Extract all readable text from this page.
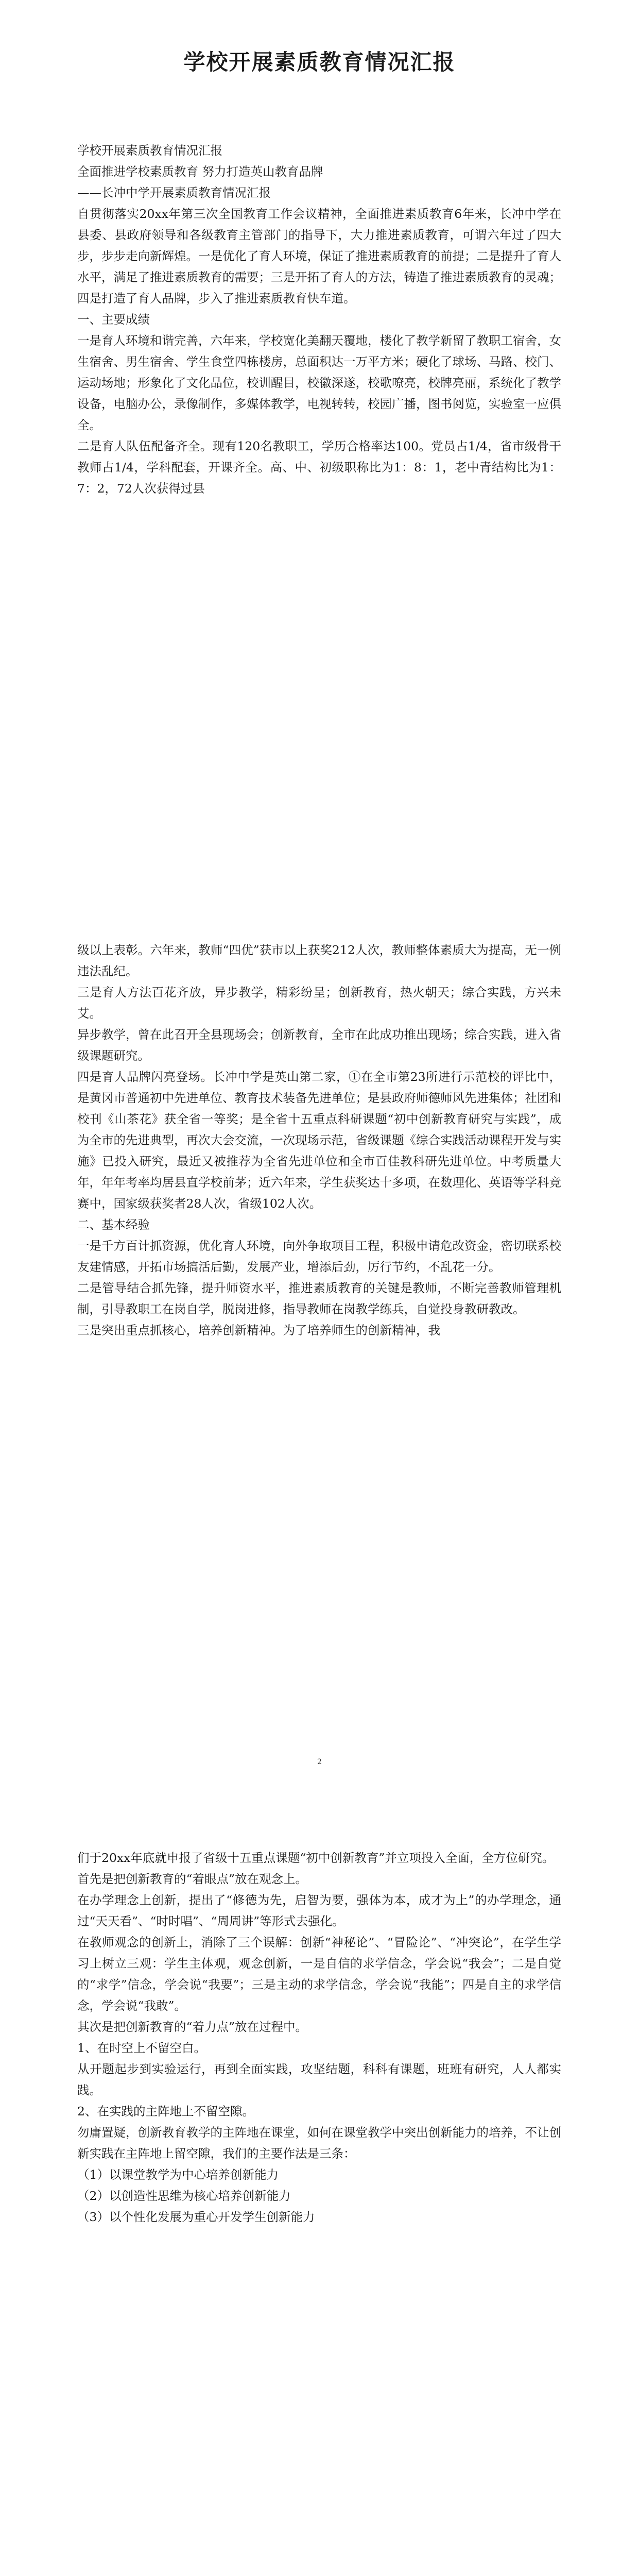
学校开展素质教育情况汇报

学校开展素质教育情况汇报

全面推进学校素质教育 努力打造英山教育品牌

——长冲中学开展素质教育情况汇报

自贯彻落实20xx年第三次全国教育工作会议精神，全面推进素质教育6年来，长冲中学在县委、县政府领导和各级教育主管部门的指导下，大力推进素质教育，可谓六年过了四大步，步步走向新辉煌。一是优化了育人环境，保证了推进素质教育的前提；二是提升了育人水平，满足了推进素质教育的需要；三是开拓了育人的方法，铸造了推进素质教育的灵魂；四是打造了育人品牌，步入了推进素质教育快车道。

一、主要成绩

一是育人环境和谐完善，六年来，学校宽化美翻天覆地，楼化了教学新留了教职工宿舍，女生宿舍、男生宿舍、学生食堂四栋楼房，总面积达一万平方米；硬化了球场、马路、校门、运动场地；形象化了文化品位，校训醒目，校徽深遂，校歌嘹亮，校牌亮丽，系统化了教学设备，电脑办公，录像制作，多媒体教学，电视转转，校园广播，图书阅览，实验室一应俱全。

二是育人队伍配备齐全。现有120名教职工，学历合格率达100。党员占1/4，省市级骨干教师占1/4，学科配套，开课齐全。高、中、初级职称比为1：8：1，老中青结构比为1：7：2，72人次获得过县

级以上表彰。六年来，教师“四优”获市以上获奖212人次，教师整体素质大为提高，无一例违法乱纪。

三是育人方法百花齐放，异步教学，精彩纷呈；创新教育，热火朝天；综合实践，方兴未艾。

异步教学，曾在此召开全县现场会；创新教育，全市在此成功推出现场；综合实践，进入省级课题研究。

四是育人品牌闪亮登场。长冲中学是英山第二家，①在全市第23所进行示范校的评比中，是黄冈市普通初中先进单位、教育技术装备先进单位；是县政府师德师风先进集体；社团和校刊《山茶花》获全省一等奖；是全省十五重点科研课题“初中创新教育研究与实践”，成为全市的先进典型，再次大会交流，一次现场示范，省级课题《综合实践活动课程开发与实施》已投入研究，最近又被推荐为全省先进单位和全市百佳教科研先进单位。中考质量大年，年年考率均居县直学校前茅；近六年来，学生获奖达十多项，在数理化、英语等学科竞赛中，国家级获奖者28人次，省级102人次。

二、基本经验

一是千方百计抓资源，优化育人环境，向外争取项目工程，积极申请危改资金，密切联系校友建情感，开拓市场搞活后勤，发展产业，增添后劲，厉行节约，不乱花一分。

二是管导结合抓先锋，提升师资水平，推进素质教育的关键是教师，不断完善教师管理机制，引导教职工在岗自学，脱岗进修，指导教师在岗教学练兵，自觉投身教研教改。

三是突出重点抓核心，培养创新精神。为了培养师生的创新精神，我

2

们于20xx年底就申报了省级十五重点课题“初中创新教育”并立项投入全面，全方位研究。

首先是把创新教育的“着眼点”放在观念上。

在办学理念上创新，提出了“修德为先，启智为要，强体为本，成才为上”的办学理念，通过“天天看”、“时时唱”、“周周讲”等形式去强化。

在教师观念的创新上，消除了三个误解：创新“神秘论”、“冒险论”、“冲突论”，在学生学习上树立三观：学生主体观，观念创新，一是自信的求学信念，学会说“我会”；二是自觉的“求学”信念，学会说“我要”；三是主动的求学信念，学会说“我能”；四是自主的求学信念，学会说“我敢”。

其次是把创新教育的“着力点”放在过程中。

1、在时空上不留空白。

从开题起步到实验运行，再到全面实践，攻坚结题，科科有课题，班班有研究，人人都实践。

2、在实践的主阵地上不留空隙。

勿庸置疑，创新教育教学的主阵地在课堂，如何在课堂教学中突出创新能力的培养，不让创新实践在主阵地上留空隙，我们的主要作法是三条：

（1）以课堂教学为中心培养创新能力

（2）以创造性思维为核心培养创新能力

（3）以个性化发展为重心开发学生创新能力
